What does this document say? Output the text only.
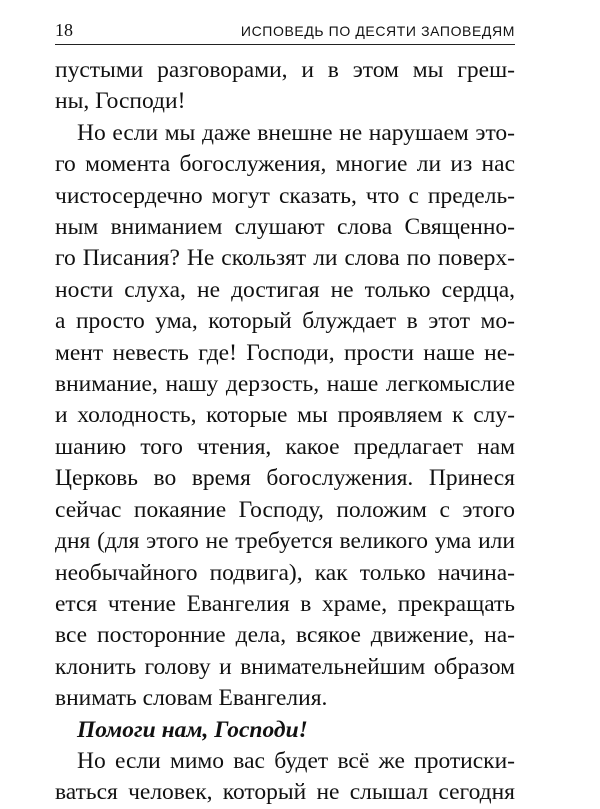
18	ИСПОВЕДЬ ПО ДЕСЯТИ ЗАПОВЕДЯМ
пустыми разговорами, и в этом мы греш-
ны, Господи!
Но если мы даже внешне не нарушаем это-
го момента богослужения, многие ли из нас
чистосердечно могут сказать, что с предель-
ным вниманием слушают слова Священно-
го Писания? Не скользят ли слова по поверх-
ности слуха, не достигая не только сердца,
а просто ума, который блуждает в этот мо-
мент невесть где! Господи, прости наше не-
внимание, нашу дерзость, наше легкомыслие
и холодность, которые мы проявляем к слу-
шанию того чтения, какое предлагает нам
Церковь во время богослужения. Принеся
сейчас покаяние Господу, положим с этого
дня (для этого не требуется великого ума или
необычайного подвига), как только начина-
ется чтение Евангелия в храме, прекращать
все посторонние дела, всякое движение, на-
клонить голову и внимательнейшим образом
внимать словам Евангелия.
Помоги нам, Господи!
Но если мимо вас будет всё же протиски-
ваться человек, который не слышал сегодня
